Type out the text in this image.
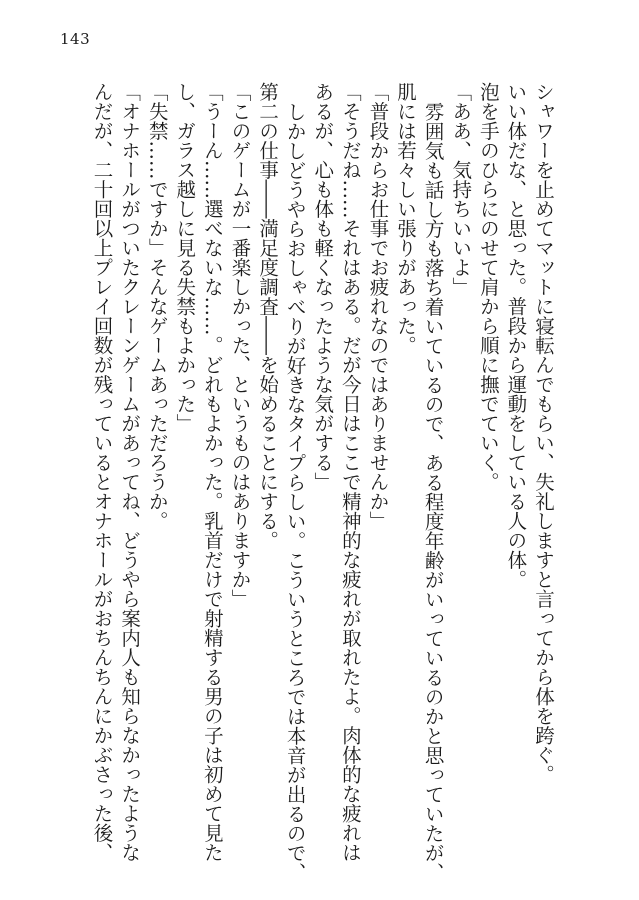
143
シャワーを止めてマットに寝転んでもらい、失礼しますと言ってから体を跨ぐ。
いい体だな、と思った。普段から運動をしている人の体。
泡を手のひらにのせて肩から順に撫でていく。
「ああ、気持ちいいよ」
雰囲気も話し方も落ち着いているので、ある程度年齢がいっているのかと思っていたが、
肌には若々しい張りがあった。
「普段からお仕事でお疲れなのではありませんか」
「そうだね……それはある。だが今日はここで精神的な疲れが取れたよ。肉体的な疲れは
あるが、心も体も軽くなったような気がする」
しかしどうやらおしゃべりが好きなタイプらしい。こういうところでは本音が出るので、
第二の仕事――満足度調査――を始めることにする。
「このゲームが一番楽しかった、というものはありますか」
「うーん……選べないな……。どれもよかった。乳首だけで射精する男の子は初めて見た
し、ガラス越しに見る失禁もよかった」
「失禁……ですか」そんなゲームあっただろうか。
「オナホールがついたクレーンゲームがあってね、どうやら案内人も知らなかったような
んだが、二十回以上プレイ回数が残っているとオナホールがおちんちんにかぶさった後、
